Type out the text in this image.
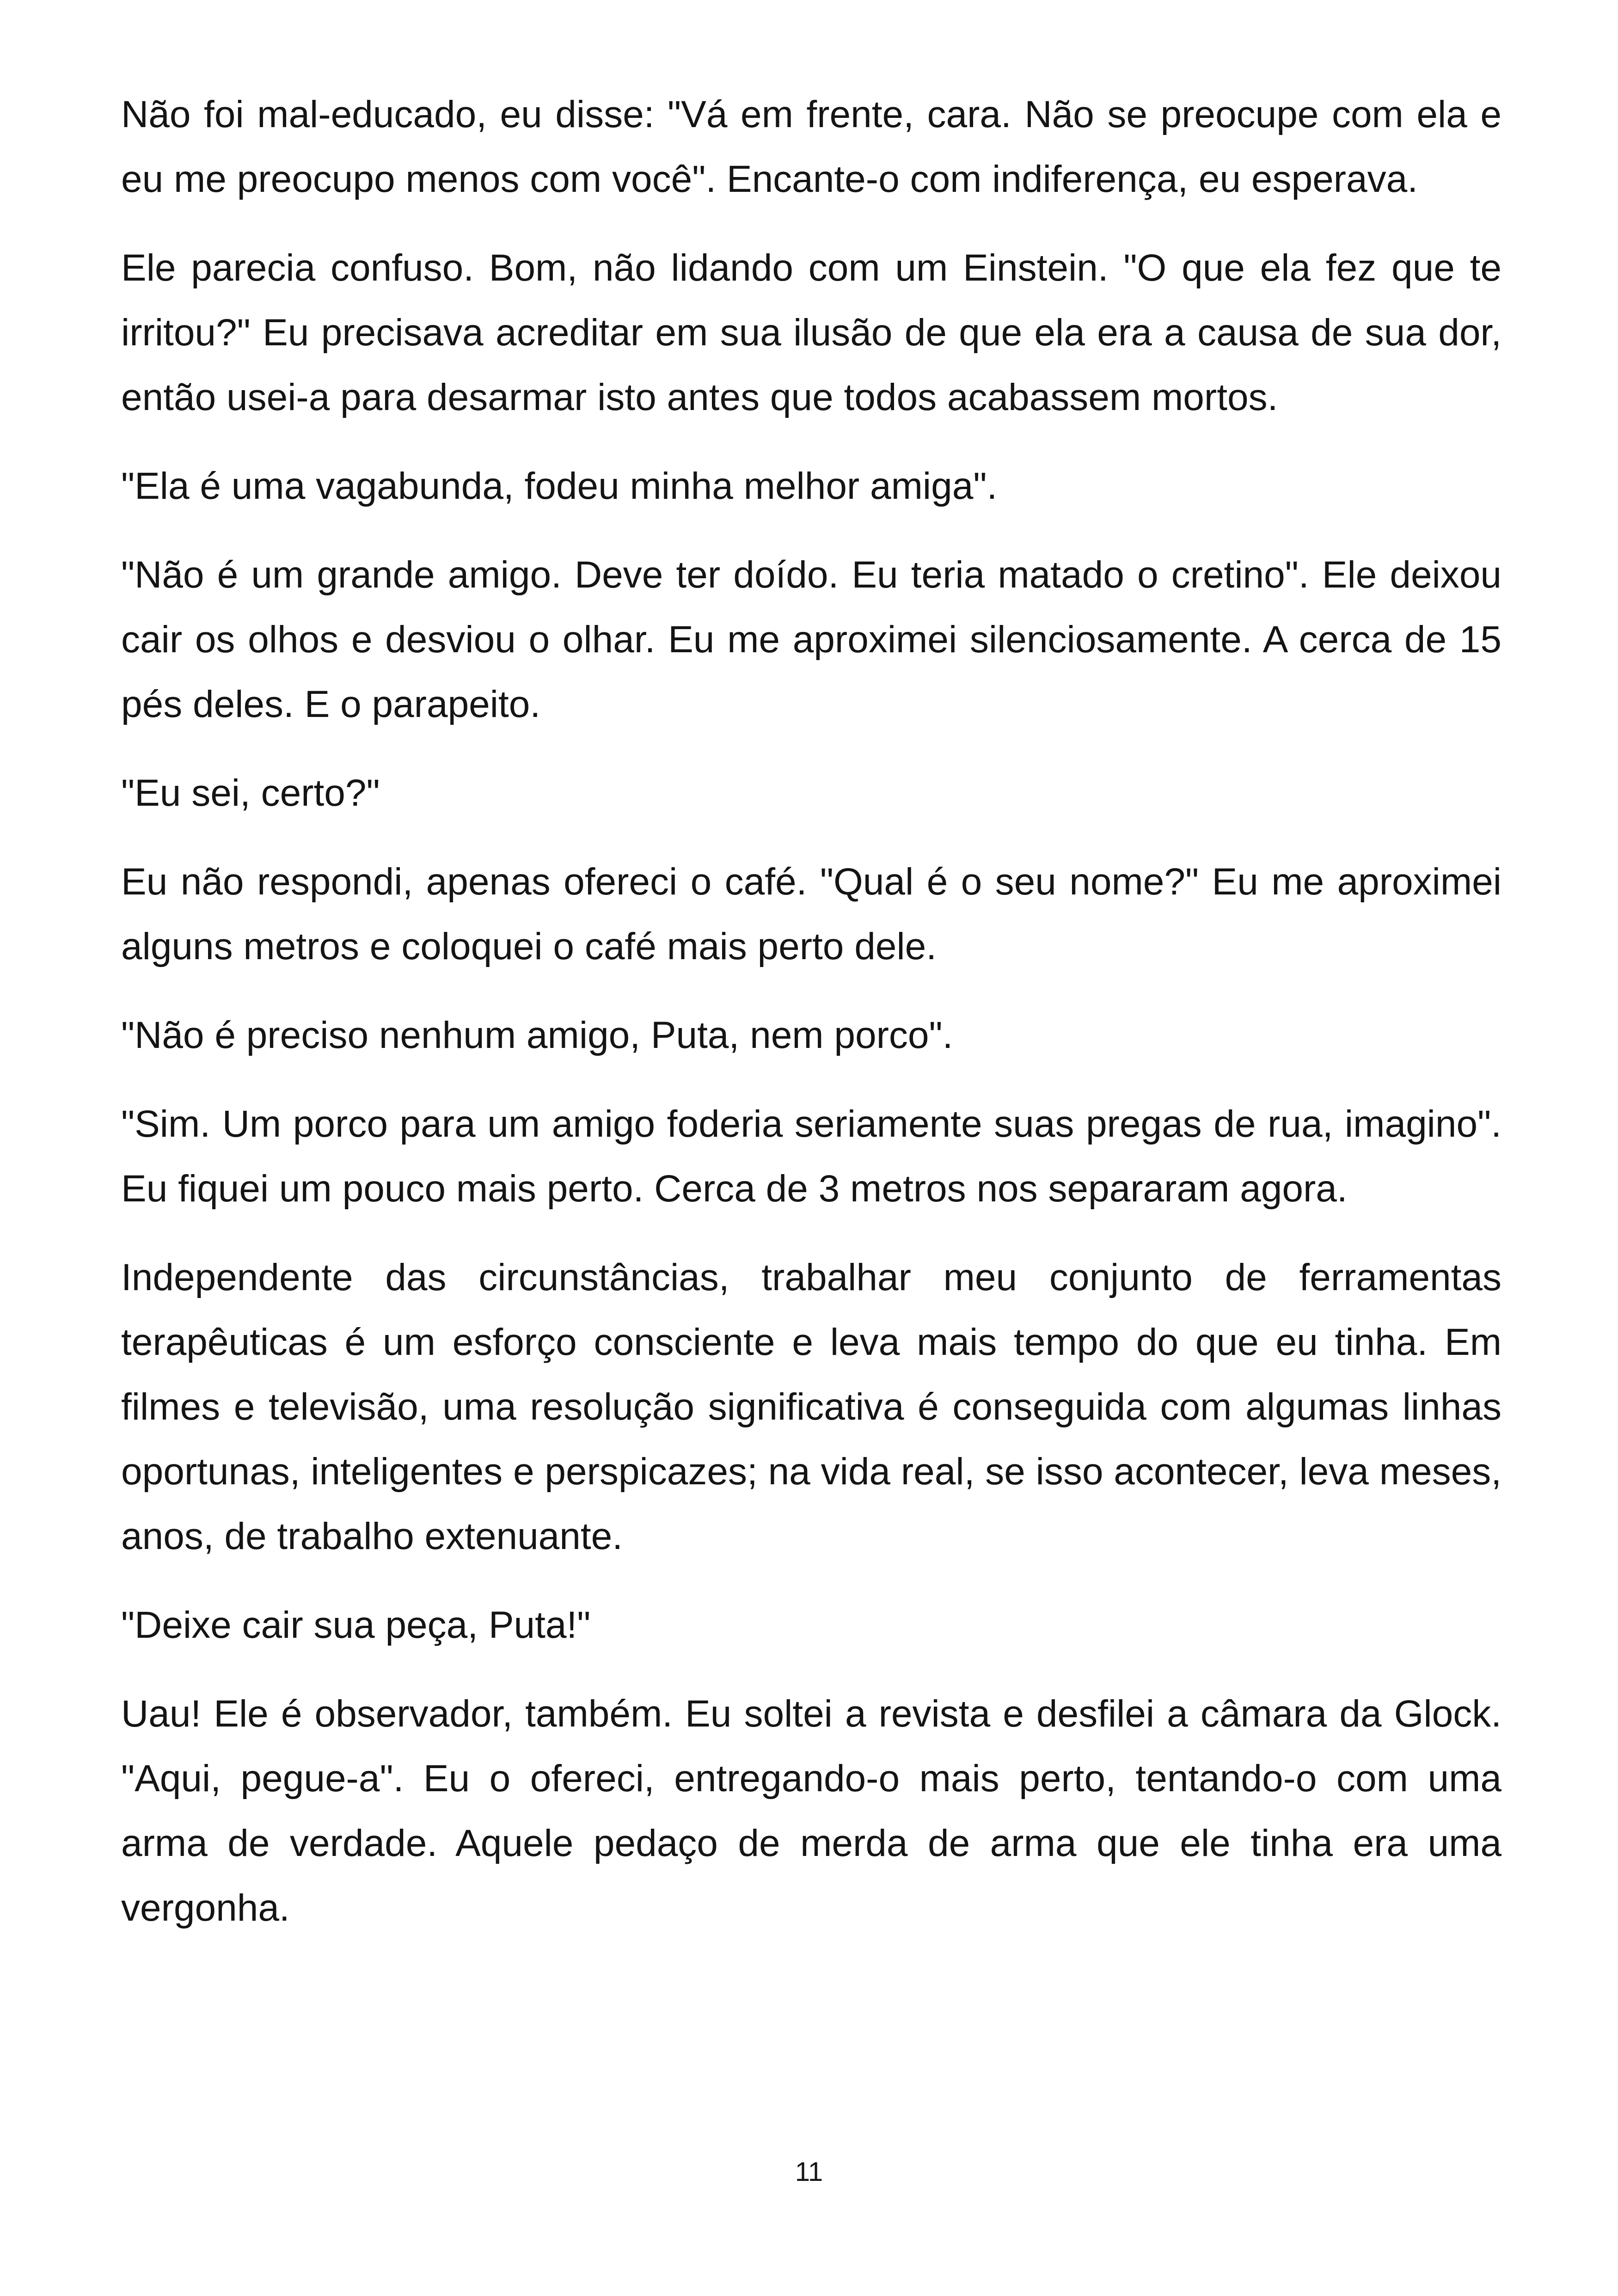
Não foi mal-educado, eu disse: "Vá em frente, cara. Não se preocupe com ela e eu me preocupo menos com você". Encante-o com indiferença, eu esperava.

Ele parecia confuso. Bom, não lidando com um Einstein. "O que ela fez que te irritou?" Eu precisava acreditar em sua ilusão de que ela era a causa de sua dor, então usei-a para desarmar isto antes que todos acabassem mortos.

"Ela é uma vagabunda, fodeu minha melhor amiga".

"Não é um grande amigo. Deve ter doído. Eu teria matado o cretino". Ele deixou cair os olhos e desviou o olhar. Eu me aproximei silenciosamente. A cerca de 15 pés deles. E o parapeito.

"Eu sei, certo?"

Eu não respondi, apenas ofereci o café. "Qual é o seu nome?" Eu me aproximei alguns metros e coloquei o café mais perto dele.

"Não é preciso nenhum amigo, Puta, nem porco".

"Sim. Um porco para um amigo foderia seriamente suas pregas de rua, imagino". Eu fiquei um pouco mais perto. Cerca de 3 metros nos separaram agora.

Independente das circunstâncias, trabalhar meu conjunto de ferramentas terapêuticas é um esforço consciente e leva mais tempo do que eu tinha. Em filmes e televisão, uma resolução significativa é conseguida com algumas linhas oportunas, inteligentes e perspicazes; na vida real, se isso acontecer, leva meses, anos, de trabalho extenuante.

"Deixe cair sua peça, Puta!"

Uau! Ele é observador, também. Eu soltei a revista e desfilei a câmara da Glock. "Aqui, pegue-a". Eu o ofereci, entregando-o mais perto, tentando-o com uma arma de verdade. Aquele pedaço de merda de arma que ele tinha era uma vergonha.

11
